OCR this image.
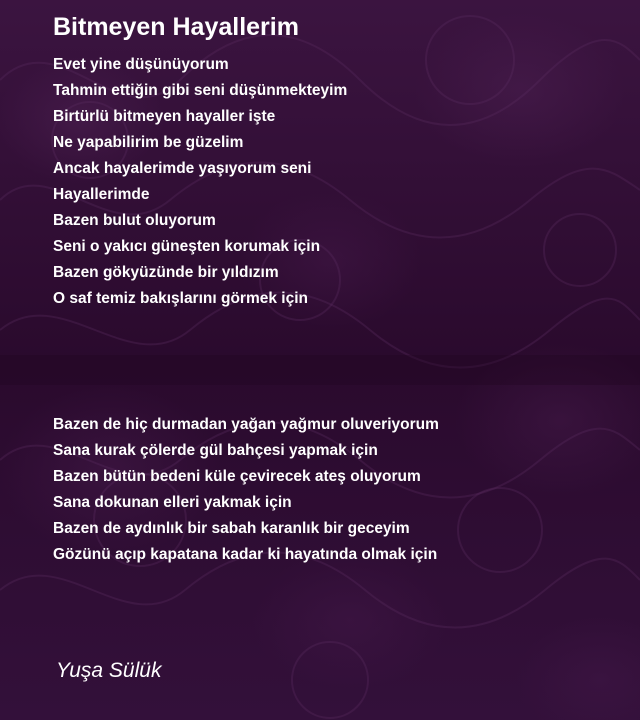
Bitmeyen Hayallerim
Evet yine düşünüyorum
Tahmin ettiğin gibi seni düşünmekteyim
Birtürlü bitmeyen hayaller işte
Ne yapabilirim be güzelim
Ancak hayalerimde yaşıyorum seni
Hayallerimde
Bazen bulut oluyorum
Seni o yakıcı güneşten korumak için
Bazen gökyüzünde bir yıldızım
O saf temiz bakışlarını görmek için
Bazen de hiç durmadan yağan yağmur oluveriyorum
Sana kurak çölerde gül bahçesi yapmak için
Bazen bütün bedeni küle çevirecek ateş oluyorum
Sana dokunan elleri yakmak için
Bazen de aydınlık bir sabah karanlık bir geceyim
Gözünü açıp kapatana kadar ki hayatında olmak için
Yuşa Sülük
